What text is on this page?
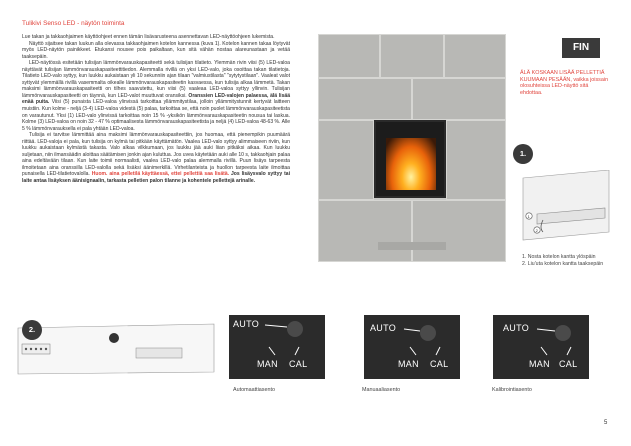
Tulikivi Senso LED - näytön toiminta

Lue takan ja takkaohjaimen käyttöohjeet ennen tämän lisävarusteena asennettavan LED-näyttöohjeen lukemista.

Näyttö sijaitsee takan luukun alla olevassa takkaohjaimen kotelon kannessa (kuva 1). Kotelon kannen takaa löytyvät myös LED-näytön painikkeet. Etukansi nousee pois paikaltaan, kun sitä vähän nostaa alareunastaan ja vetää taaksepäin.

LED-näytössä esitetään tulisijan lämmönvarauskapasiteetti sekä tulisijan tilatieto. Ylemmän rivin viisi (5) LED-valoa näyttävät tulisijan lämmönvarauskapasiteettitiedon. Alemmalla rivillä on yksi LED-valo, joka osoittaa takan tilatietoja. Tilatieto LED-valo syttyy, kun luukku aukaistaan yli 10 sekunniin ajan tilaan "valmiustilasta" "sytytystilaan". Vaaleat valot syttyvät ylemmällä rivillä vasemmalta oikealle lämmönvarauskapasiteetin kasvaessa, kun tulisija alkaa lämmetä. Takan maksimi lämmönvarauskapasiteetti on tilhes saavutettu, kun viisi (5) vaaleaa LED-valoa syttyy yllinvin. Tulisijan lämmönvarauskapasiteetti on täynnä, kun LED-valot muuttuvat oransiksi. Oranssien LED-valojen palaessa, älä lisää enää puita. Viisi (5) punaista LED-valoa ylinvissä tarkoittaa yllämmitystilaa, jolloin yllämmitystunnit kertyvät laitteen muistiin. Kun kolme - neljä (3-4) LED-valoa videstä (5) palaa, tarkoittaa se, että noin puolet lämmönvarauskapasiteetista on varautunut. Yksi (1) LED-valo ylinvissä tarkoittaa noin 15 % -yksikön lämmönvarauskapasiteetin nousua tai laskua. Kolme (3) LED-valoa on noin 32 - 47 % optimaalisesta lämmönvarauskapasiteetista ja neljä (4) LED-valoa 48-63 %. Alle 5 % lämmönvarauksella ei pala yhtään LED-valoa.

Tulisija ei tarvitse lämmittää aina maksimi lämmönvarauskapasiteettiin, jos huomaa, että pienempikin puumäärä riittää. LED-valoja ei pala, kun tulisija on kylmä tai pitkään käyttämätön. Vaalea LED-valo syttyy alimmaiseen riviin, kun luukku aukaistaan kylmästä takasta. Valo alkaa vilkkumaan, jos luukku jää auki liian pitkäksi aikaa. Kun luukku suljetaan, niin ilmansäädin aloittaa säätämisen jonkin ajan kuluttua. Jos uvea käytetään auki alle 10 s, takkaohjain palaa aina edeltävään tilaan. Kun laite toimii normaalisti, vaalea LED-valo palaa alemmalla rivillä. Puun lisäys tarpeesta ilmoitetaan aina oranssilla LED-valolla sekä lisäksi äänimerkillä. Virhetilanteista ja huollon tarpeesta laite ilmoittaa punaisella LED-tilatietovalolla. Huom. aina pelletilä käyttäessä, ettei pellettiä saa lisätä. Jos lisäysvalo syttyy tai laite antaa lisäyksen äänisignaalin, tarkasta pelletien palon tilanne ja kohentele pellettejä arinalle.

FIN
ÄLÄ KOSKAAN LISÄÄ PELLETTIÄ KUUMAAN PESÄÄN, vaikka joissain olosuhteissa LED-näyttö sitä ehdottaa.
1.
1
2
1. Nosta kotelon kantta ylöspäin
2. Liu'uta kotelon kantta taaksepäin
2.
AUTO
MAN CAL
Automaattiasento
AUTO
MAN CAL
Manuaaliasento
AUTO
MAN CAL
Kalibrointiasento
5
